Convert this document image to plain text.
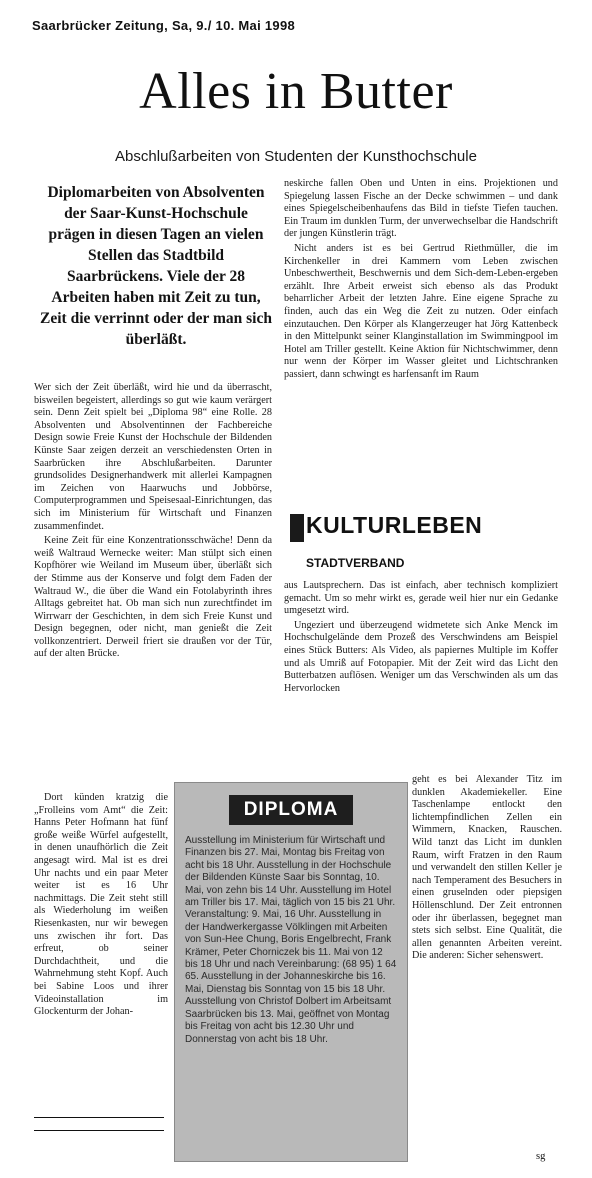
Saarbrücker Zeitung, Sa, 9./ 10. Mai 1998
Alles in Butter
Abschlußarbeiten von Studenten der Kunsthochschule
Diplomarbeiten von Absolventen der Saar-Kunst-Hochschule prägen in diesen Tagen an vielen Stellen das Stadtbild Saarbrückens. Viele der 28 Arbeiten haben mit Zeit zu tun, Zeit die verrinnt oder der man sich überläßt.

Wer sich der Zeit überläßt, wird hie und da überrascht, bisweilen begeistert, allerdings so gut wie kaum verärgert sein. Denn Zeit spielt bei „Diploma 98“ eine Rolle. 28 Absolventen und Absolventinnen der Fachbereiche Design sowie Freie Kunst der Hochschule der Bildenden Künste Saar zeigen derzeit an verschiedensten Orten in Saarbrücken ihre Abschlußarbeiten. Darunter grundsolides Designerhandwerk mit allerlei Kampagnen im Zeichen von Haarwuchs und Jobbörse, Computerprogrammen und Speisesaal-Einrichtungen, das sich im Ministerium für Wirtschaft und Finanzen zusammenfindet.

Keine Zeit für eine Konzentrationsschwäche! Denn da weiß Waltraud Wernecke weiter: Man stülpt sich einen Kopfhörer wie Weiland im Museum über, überläßt sich der Stimme aus der Konserve und folgt dem Faden der Waltraud W., die über die Wand ein Fotolabyrinth ihres Alltags gebreitet hat. Ob man sich nun zurechtfindet im Wirrwarr der Geschichten, in dem sich Freie Kunst und Design begegnen, oder nicht, man genießt die Zeit vollkonzentriert. Derweil friert sie draußen vor der Tür, auf der alten Brücke.

Dort künden kratzig die „Frolleins vom Amt“ die Zeit: Hanns Peter Hofmann hat fünf große weiße Würfel aufgestellt, in denen unaufhörlich die Zeit angesagt wird. Mal ist es drei Uhr nachts und ein paar Meter weiter ist es 16 Uhr nachmittags. Die Zeit steht still als Wiederholung im weißen Riesenkasten, nur wir bewegen uns zwischen ihr fort. Das erfreut, ob seiner Durchdachtheit, und die Wahrnehmung steht Kopf. Auch bei Sabine Loos und ihrer Videoinstallation im Glockenturm der Johan-

neskirche fallen Oben und Unten in eins. Projektionen und Spiegelung lassen Fische an der Decke schwimmen – und dank eines Spiegelscheibenhaufens das Bild in tiefste Tiefen tauchen. Ein Traum im dunklen Turm, der unverwechselbar die Handschrift der jungen Künstlerin trägt.

Nicht anders ist es bei Gertrud Riethmüller, die im Kirchenkeller in drei Kammern vom Leben zwischen Unbeschwertheit, Beschwernis und dem Sich-dem-Leben-ergeben erzählt. Ihre Arbeit erweist sich ebenso als das Produkt beharrlicher Arbeit der letzten Jahre. Eine eigene Sprache zu finden, auch das ein Weg die Zeit zu nutzen. Oder einfach einzutauchen. Den Körper als Klangerzeuger hat Jörg Kattenbeck in den Mittelpunkt seiner Klanginstallation im Swimmingpool im Hotel am Triller gestellt. Keine Aktion für Nichtschwimmer, denn nur wenn der Körper im Wasser gleitet und Lichtschranken passiert, dann schwingt es harfensanft im Raum

KULTURLEBEN
STADTVERBAND

aus Lautsprechern. Das ist einfach, aber technisch kompliziert gemacht. Um so mehr wirkt es, gerade weil hier nur ein Gedanke umgesetzt wird.

Ungeziert und überzeugend widmetete sich Anke Menck im Hochschulgelände dem Prozeß des Verschwindens am Beispiel eines Stück Butters: Als Video, als papiernes Multiple im Koffer und als Umriß auf Fotopapier. Mit der Zeit wird das Licht den Butterbatzen auflösen. Weniger um das Verschwinden als um das Hervorlocken

geht es bei Alexander Titz im dunklen Akademiekeller. Eine Taschenlampe entlockt den lichtempfindlichen Zellen ein Wimmern, Knacken, Rauschen. Wild tanzt das Licht im dunklen Raum, wirft Fratzen in den Raum und verwandelt den stillen Keller je nach Temperament des Besuchers in einen gruselnden oder piepsigen Höllenschlund. Der Zeit entronnen oder ihr überlassen, begegnet man stets sich selbst. Eine Qualität, die allen genannten Arbeiten vereint. Die anderen: Sicher sehenswert.

DIPLOMA
Ausstellung im Ministerium für Wirtschaft und Finanzen bis 27. Mai, Montag bis Freitag von acht bis 18 Uhr. Ausstellung in der Hochschule der Bildenden Künste Saar bis Sonntag, 10. Mai, von zehn bis 14 Uhr. Ausstellung im Hotel am Triller bis 17. Mai, täglich von 15 bis 21 Uhr. Veranstaltung: 9. Mai, 16 Uhr. Ausstellung in der Handwerkergasse Völklingen mit Arbeiten von Sun-Hee Chung, Boris Engelbrecht, Frank Krämer, Peter Chorniczek bis 11. Mai von 12 bis 18 Uhr und nach Vereinbarung: (68 95) 1 64 65. Ausstellung in der Johanneskirche bis 16. Mai, Dienstag bis Sonntag von 15 bis 18 Uhr. Ausstellung von Christof Dolbert im Arbeitsamt Saarbrücken bis 13. Mai, geöffnet von Montag bis Freitag von acht bis 12.30 Uhr und Donnerstag von acht bis 18 Uhr.
sg
